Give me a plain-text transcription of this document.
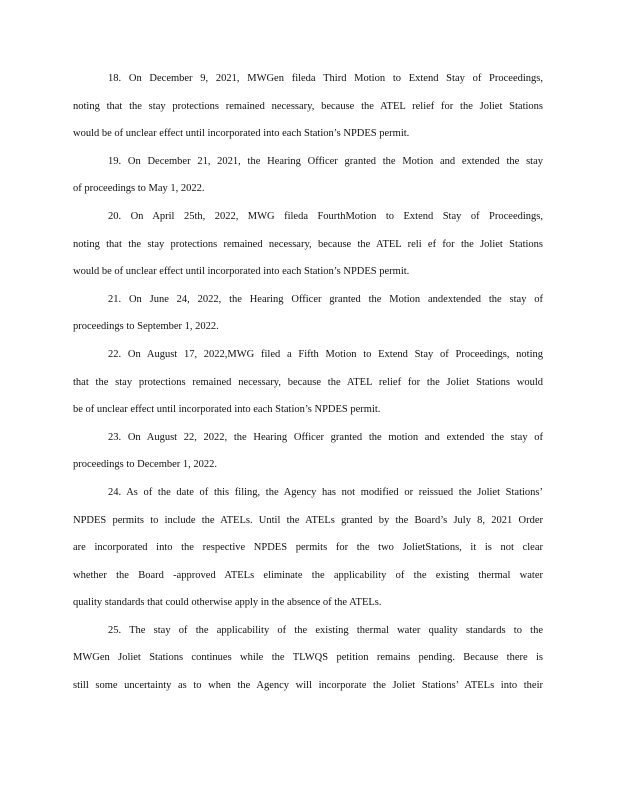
18. On December 9, 2021, MWGen fileda Third Motion to Extend Stay of Proceedings,
noting that the stay protections remained necessary, because the ATEL relief for the Joliet Stations
would be of unclear effect until incorporated into each Station’s NPDES permit.
19. On December 21, 2021, the Hearing Officer granted the Motion and extended the stay
of proceedings to May 1, 2022.
20. On April 25th, 2022, MWG fileda FourthMotion to Extend Stay of Proceedings,
noting that the stay protections remained necessary, because the ATEL reli ef for the Joliet Stations
would be of unclear effect until incorporated into each Station’s NPDES permit.
21. On June 24, 2022, the Hearing Officer granted the Motion andextended the stay of
proceedings to September 1, 2022.
22. On August 17, 2022,MWG filed a Fifth Motion to Extend Stay of Proceedings, noting
that the stay protections remained necessary, because the ATEL relief for the Joliet Stations would
be of unclear effect until incorporated into each Station’s NPDES permit.
23. On August 22, 2022, the Hearing Officer granted the motion and extended the stay of
proceedings to December 1, 2022.
24. As of the date of this filing, the Agency has not modified or reissued the Joliet Stations’
NPDES permits to include the ATELs. Until the ATELs granted by the Board’s July 8, 2021 Order
are incorporated into the respective NPDES permits for the two JolietStations, it is not clear
whether the Board -approved ATELs eliminate the applicability of the existing thermal water
quality standards that could otherwise apply in the absence of the ATELs.
25. The stay of the applicability of the existing thermal water quality standards to the
MWGen Joliet Stations continues while the TLWQS petition remains pending. Because there is
still some uncertainty as to when the Agency will incorporate the Joliet Stations’ ATELs into their
